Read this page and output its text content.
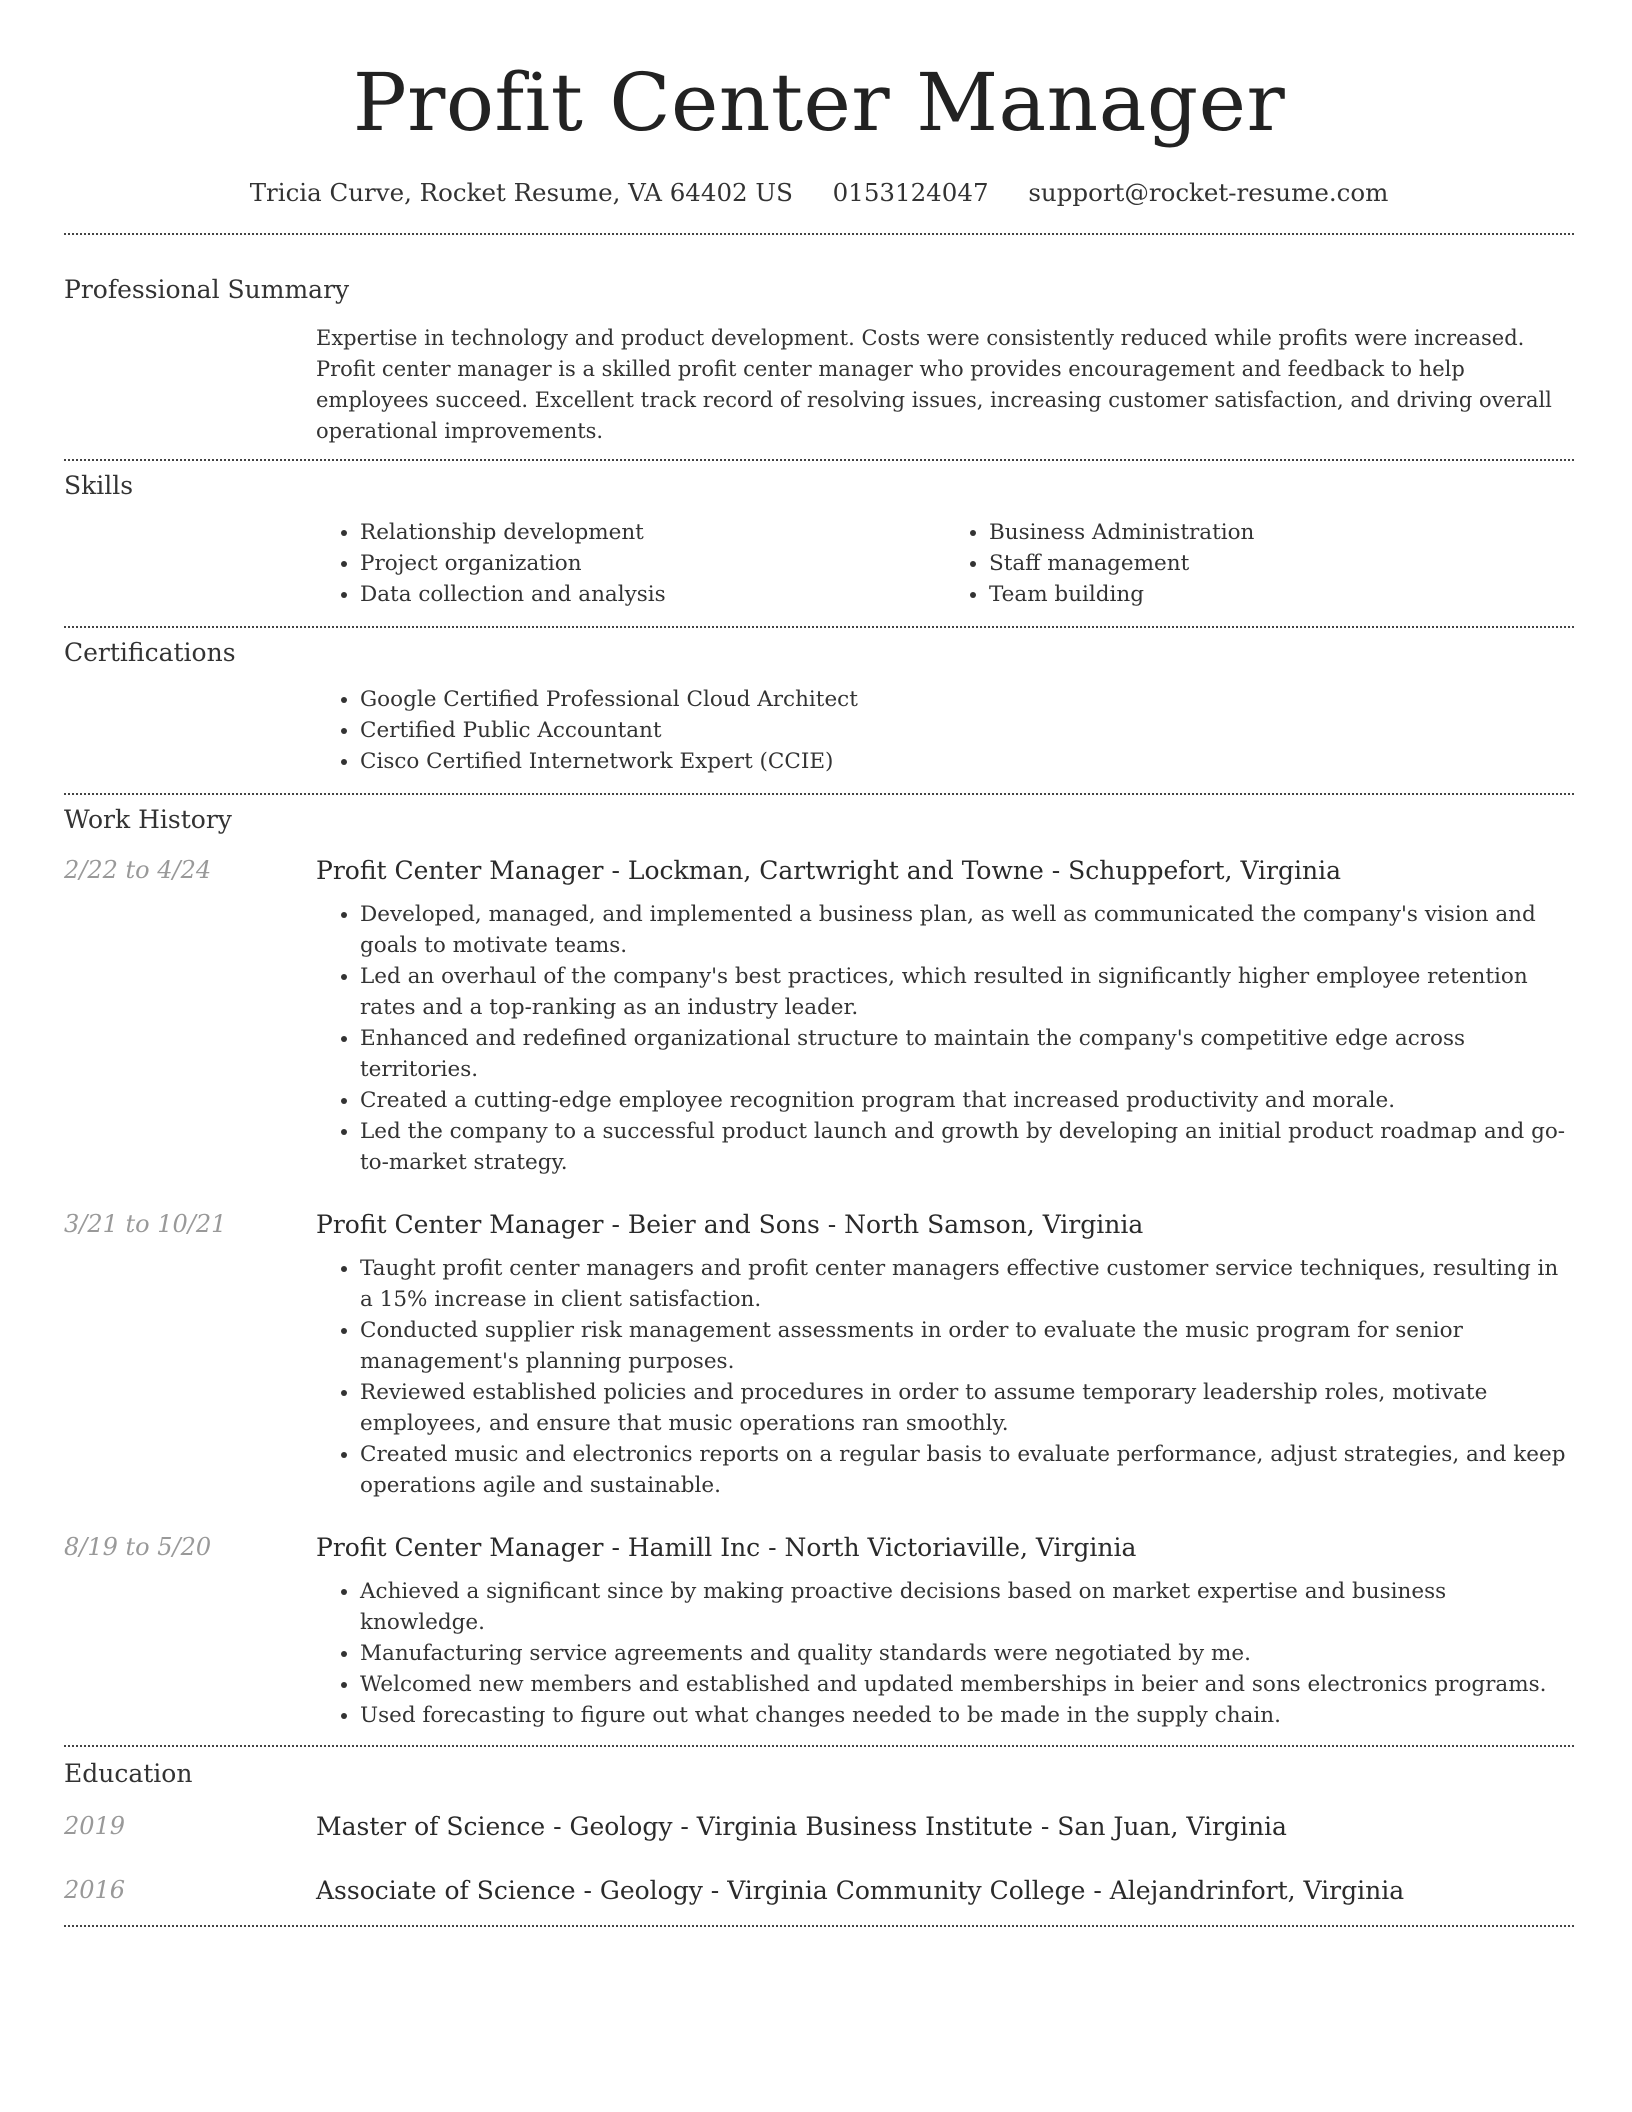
Profit Center Manager
Tricia Curve, Rocket Resume, VA 64402 US 0153124047 support@rocket-resume.com
Professional Summary
Expertise in technology and product development. Costs were consistently reduced while profits were increased. Profit center manager is a skilled profit center manager who provides encouragement and feedback to help employees succeed. Excellent track record of resolving issues, increasing customer satisfaction, and driving overall operational improvements.
Skills
• Relationship development
• Project organization
• Data collection and analysis
• Business Administration
• Staff management
• Team building
Certifications
• Google Certified Professional Cloud Architect
• Certified Public Accountant
• Cisco Certified Internetwork Expert (CCIE)
Work History
2/22 to 4/24	Profit Center Manager - Lockman, Cartwright and Towne - Schuppefort, Virginia
• Developed, managed, and implemented a business plan, as well as communicated the company's vision and goals to motivate teams.
• Led an overhaul of the company's best practices, which resulted in significantly higher employee retention rates and a top-ranking as an industry leader.
• Enhanced and redefined organizational structure to maintain the company's competitive edge across territories.
• Created a cutting-edge employee recognition program that increased productivity and morale.
• Led the company to a successful product launch and growth by developing an initial product roadmap and go-to-market strategy.
3/21 to 10/21	Profit Center Manager - Beier and Sons - North Samson, Virginia
• Taught profit center managers and profit center managers effective customer service techniques, resulting in a 15% increase in client satisfaction.
• Conducted supplier risk management assessments in order to evaluate the music program for senior management's planning purposes.
• Reviewed established policies and procedures in order to assume temporary leadership roles, motivate employees, and ensure that music operations ran smoothly.
• Created music and electronics reports on a regular basis to evaluate performance, adjust strategies, and keep operations agile and sustainable.
8/19 to 5/20	Profit Center Manager - Hamill Inc - North Victoriaville, Virginia
• Achieved a significant since by making proactive decisions based on market expertise and business knowledge.
• Manufacturing service agreements and quality standards were negotiated by me.
• Welcomed new members and established and updated memberships in beier and sons electronics programs.
• Used forecasting to figure out what changes needed to be made in the supply chain.
Education
2019	Master of Science - Geology - Virginia Business Institute - San Juan, Virginia
2016	Associate of Science - Geology - Virginia Community College - Alejandrinfort, Virginia
